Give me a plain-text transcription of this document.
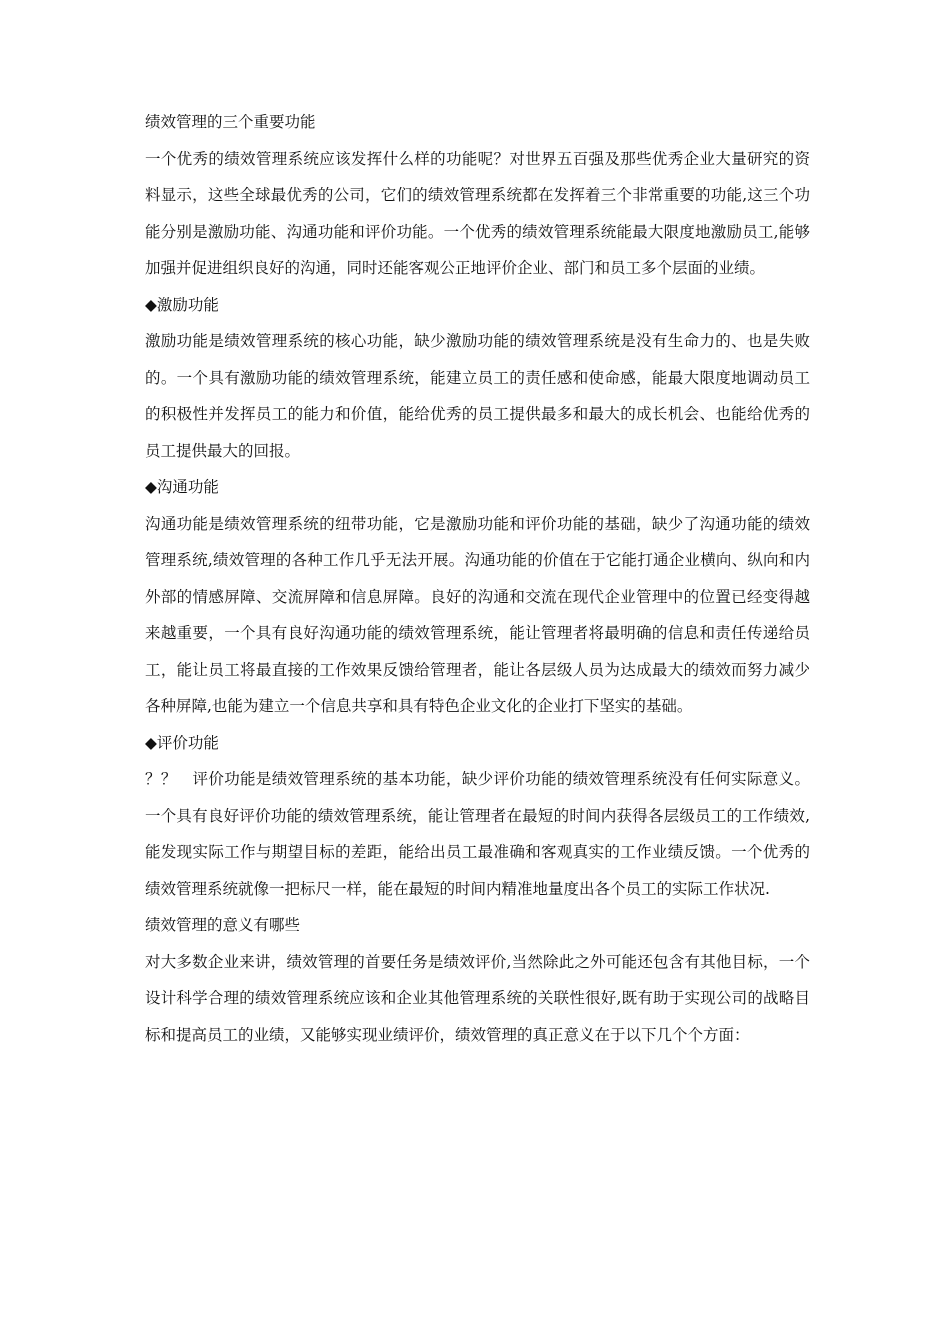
绩效管理的三个重要功能

一个优秀的绩效管理系统应该发挥什么样的功能呢？对世界五百强及那些优秀企业大量研究的资料显示，这些全球最优秀的公司，它们的绩效管理系统都在发挥着三个非常重要的功能,这三个功能分别是激励功能、沟通功能和评价功能。一个优秀的绩效管理系统能最大限度地激励员工,能够加强并促进组织良好的沟通，同时还能客观公正地评价企业、部门和员工多个层面的业绩。

◆激励功能

激励功能是绩效管理系统的核心功能，缺少激励功能的绩效管理系统是没有生命力的、也是失败的。一个具有激励功能的绩效管理系统，能建立员工的责任感和使命感，能最大限度地调动员工的积极性并发挥员工的能力和价值，能给优秀的员工提供最多和最大的成长机会、也能给优秀的员工提供最大的回报。

◆沟通功能

沟通功能是绩效管理系统的纽带功能，它是激励功能和评价功能的基础，缺少了沟通功能的绩效管理系统,绩效管理的各种工作几乎无法开展。沟通功能的价值在于它能打通企业横向、纵向和内外部的情感屏障、交流屏障和信息屏障。良好的沟通和交流在现代企业管理中的位置已经变得越来越重要，一个具有良好沟通功能的绩效管理系统，能让管理者将最明确的信息和责任传递给员工，能让员工将最直接的工作效果反馈给管理者，能让各层级人员为达成最大的绩效而努力减少各种屏障,也能为建立一个信息共享和具有特色企业文化的企业打下坚实的基础。

◆评价功能

？？　评价功能是绩效管理系统的基本功能，缺少评价功能的绩效管理系统没有任何实际意义。一个具有良好评价功能的绩效管理系统，能让管理者在最短的时间内获得各层级员工的工作绩效,能发现实际工作与期望目标的差距，能给出员工最准确和客观真实的工作业绩反馈。一个优秀的绩效管理系统就像一把标尺一样，能在最短的时间内精准地量度出各个员工的实际工作状况.

绩效管理的意义有哪些

对大多数企业来讲，绩效管理的首要任务是绩效评价,当然除此之外可能还包含有其他目标，一个设计科学合理的绩效管理系统应该和企业其他管理系统的关联性很好,既有助于实现公司的战略目标和提高员工的业绩，又能够实现业绩评价，绩效管理的真正意义在于以下几个个方面：
